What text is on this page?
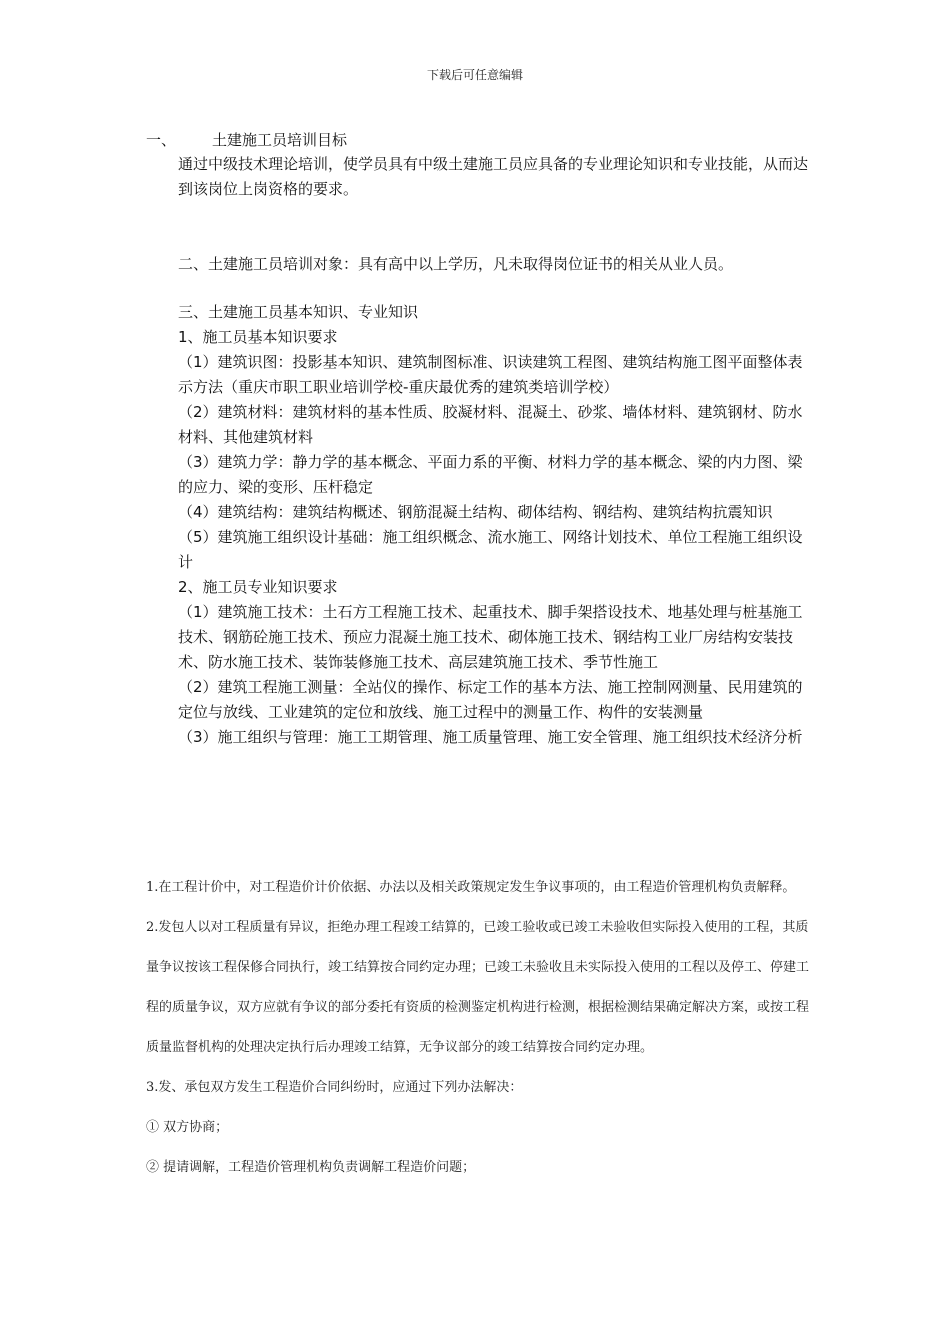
下载后可任意编辑
一、 土建施工员培训目标
通过中级技术理论培训，使学员具有中级土建施工员应具备的专业理论知识和专业技能，从而达到该岗位上岗资格的要求。
二、土建施工员培训对象：具有高中以上学历，凡未取得岗位证书的相关从业人员。

三、土建施工员基本知识、专业知识

1、施工员基本知识要求

（1）建筑识图：投影基本知识、建筑制图标准、识读建筑工程图、建筑结构施工图平面整体表示方法（重庆市职工职业培训学校-重庆最优秀的建筑类培训学校）

（2）建筑材料：建筑材料的基本性质、胶凝材料、混凝土、砂浆、墙体材料、建筑钢材、防水材料、其他建筑材料

（3）建筑力学：静力学的基本概念、平面力系的平衡、材料力学的基本概念、梁的内力图、梁的应力、梁的变形、压杆稳定

（4）建筑结构：建筑结构概述、钢筋混凝土结构、砌体结构、钢结构、建筑结构抗震知识

（5）建筑施工组织设计基础：施工组织概念、流水施工、网络计划技术、单位工程施工组织设计

2、施工员专业知识要求

（1）建筑施工技术：土石方工程施工技术、起重技术、脚手架搭设技术、地基处理与桩基施工技术、钢筋砼施工技术、预应力混凝土施工技术、砌体施工技术、钢结构工业厂房结构安装技术、防水施工技术、装饰装修施工技术、高层建筑施工技术、季节性施工

（2）建筑工程施工测量：全站仪的操作、标定工作的基本方法、施工控制网测量、民用建筑的定位与放线、工业建筑的定位和放线、施工过程中的测量工作、构件的安装测量

（3）施工组织与管理：施工工期管理、施工质量管理、施工安全管理、施工组织技术经济分析

1.在工程计价中，对工程造价计价依据、办法以及相关政策规定发生争议事项的，由工程造价管理机构负责解释。

2.发包人以对工程质量有异议，拒绝办理工程竣工结算的，已竣工验收或已竣工未验收但实际投入使用的工程，其质量争议按该工程保修合同执行，竣工结算按合同约定办理；已竣工未验收且未实际投入使用的工程以及停工、停建工程的质量争议，双方应就有争议的部分委托有资质的检测鉴定机构进行检测，根据检测结果确定解决方案，或按工程质量监督机构的处理决定执行后办理竣工结算，无争议部分的竣工结算按合同约定办理。

3.发、承包双方发生工程造价合同纠纷时，应通过下列办法解决：

① 双方协商；

② 提请调解，工程造价管理机构负责调解工程造价问题；
